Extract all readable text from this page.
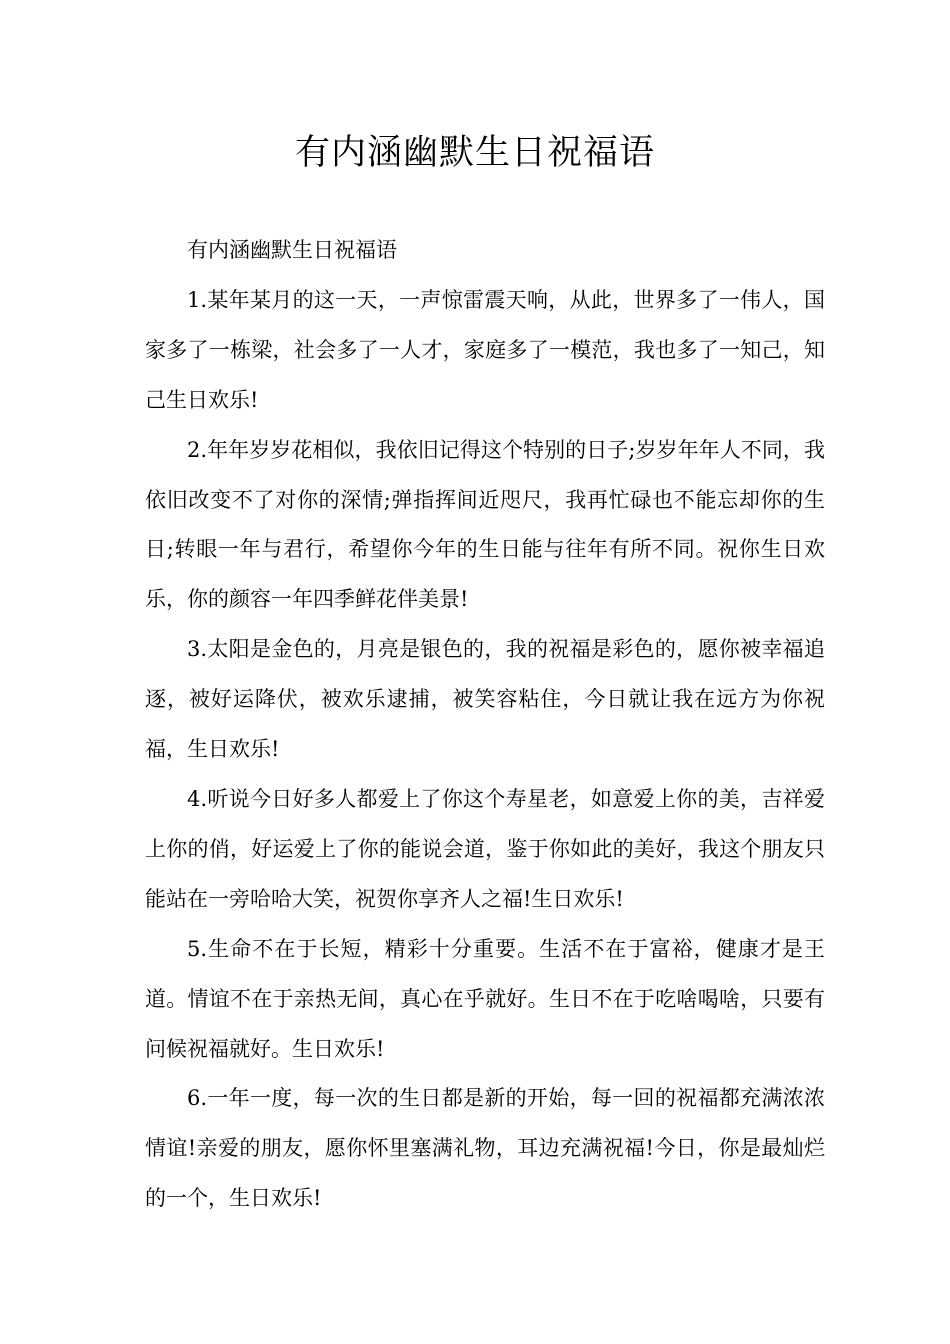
有内涵幽默生日祝福语

有内涵幽默生日祝福语

1.某年某月的这一天，一声惊雷震天响，从此，世界多了一伟人，国家多了一栋梁，社会多了一人才，家庭多了一模范，我也多了一知己，知己生日欢乐!

2.年年岁岁花相似，我依旧记得这个特别的日子;岁岁年年人不同，我依旧改变不了对你的深情;弹指挥间近咫尺，我再忙碌也不能忘却你的生日;转眼一年与君行，希望你今年的生日能与往年有所不同。祝你生日欢乐，你的颜容一年四季鲜花伴美景!

3.太阳是金色的，月亮是银色的，我的祝福是彩色的，愿你被幸福追逐，被好运降伏，被欢乐逮捕，被笑容粘住，今日就让我在远方为你祝福，生日欢乐!

4.听说今日好多人都爱上了你这个寿星老，如意爱上你的美，吉祥爱上你的俏，好运爱上了你的能说会道，鉴于你如此的美好，我这个朋友只能站在一旁哈哈大笑，祝贺你享齐人之福!生日欢乐!

5.生命不在于长短，精彩十分重要。生活不在于富裕，健康才是王道。情谊不在于亲热无间，真心在乎就好。生日不在于吃啥喝啥，只要有问候祝福就好。生日欢乐!

6.一年一度，每一次的生日都是新的开始，每一回的祝福都充满浓浓情谊!亲爱的朋友，愿你怀里塞满礼物，耳边充满祝福!今日，你是最灿烂的一个，生日欢乐!
